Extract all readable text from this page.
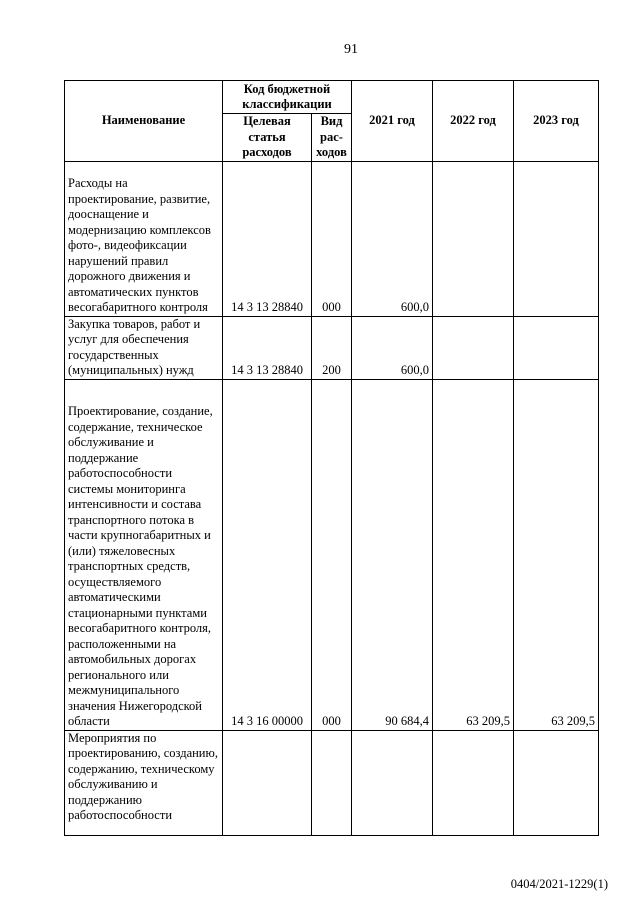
91
Наименование	Код бюджетной классификации		2021 год	2022 год	2023 год
	Целевая статья расходов	Вид рас-ходов			
Расходы на проектирование, развитие, дооснащение и модернизацию комплексов фото-, видеофиксации нарушений правил дорожного движения и автоматических пунктов весогабаритного контроля	14 3 13 28840	000	600,0		
Закупка товаров, работ и услуг для обеспечения государственных (муниципальных) нужд	14 3 13 28840	200	600,0		
Проектирование, создание, содержание, техническое обслуживание и поддержание работоспособности системы мониторинга интенсивности и состава транспортного потока в части крупногабаритных и (или) тяжеловесных транспортных средств, осуществляемого автоматическими стационарными пунктами весогабаритного контроля, расположенными на автомобильных дорогах регионального или межмуниципального значения Нижегородской области	14 3 16 00000	000	90 684,4	63 209,5	63 209,5
Мероприятия по проектированию, созданию, содержанию, техническому обслуживанию и поддержанию работоспособности					
0404/2021-1229(1)
